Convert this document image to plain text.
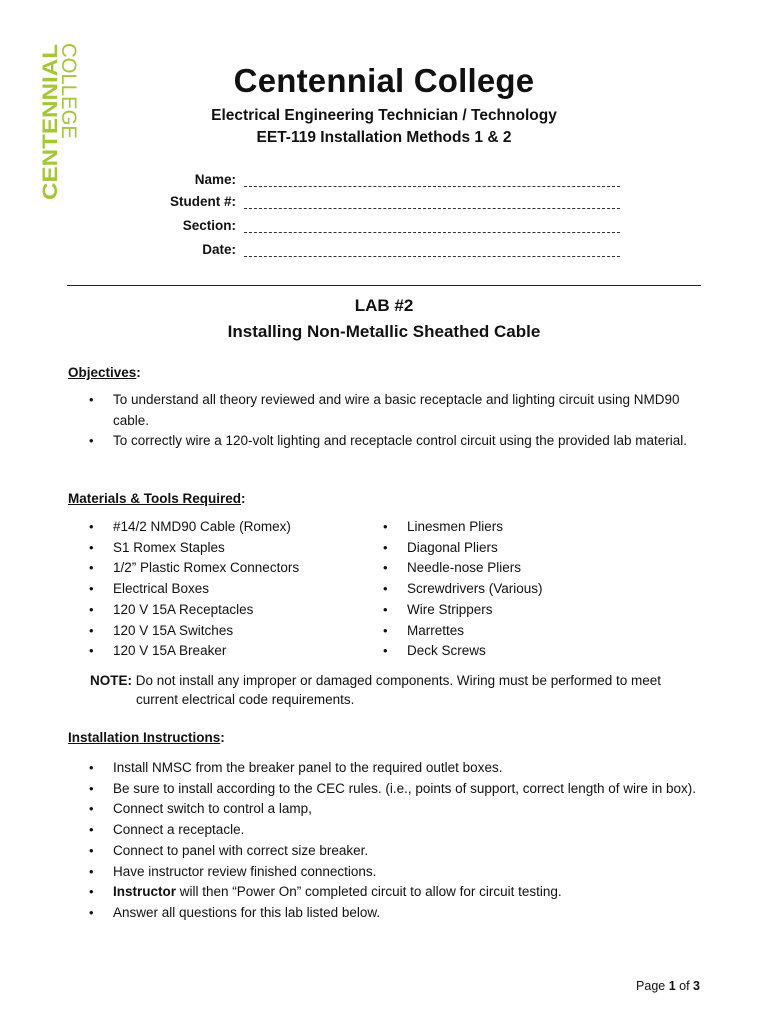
CENTENNIAL
COLLEGE	Centennial College
Electrical Engineering Technician / Technology
EET-119 Installation Methods 1 & 2
Name:
Student #:
Section:
Date:
LAB #2
Installing Non-Metallic Sheathed Cable
Objectives:
• To understand all theory reviewed and wire a basic receptacle and lighting circuit using NMD90 cable.
• To correctly wire a 120-volt lighting and receptacle control circuit using the provided lab material.
Materials & Tools Required:
• #14/2 NMD90 Cable (Romex)
• S1 Romex Staples
• 1/2” Plastic Romex Connectors
• Electrical Boxes
• 120 V 15A Receptacles
• 120 V 15A Switches
• 120 V 15A Breaker
• Linesmen Pliers
• Diagonal Pliers
• Needle-nose Pliers
• Screwdrivers (Various)
• Wire Strippers
• Marrettes
• Deck Screws
NOTE: Do not install any improper or damaged components. Wiring must be performed to meet
current electrical code requirements.
Installation Instructions:
• Install NMSC from the breaker panel to the required outlet boxes.
• Be sure to install according to the CEC rules. (i.e., points of support, correct length of wire in box).
• Connect switch to control a lamp,
• Connect a receptacle.
• Connect to panel with correct size breaker.
• Have instructor review finished connections.
• Instructor will then “Power On” completed circuit to allow for circuit testing.
• Answer all questions for this lab listed below.
Page 1 of 3
